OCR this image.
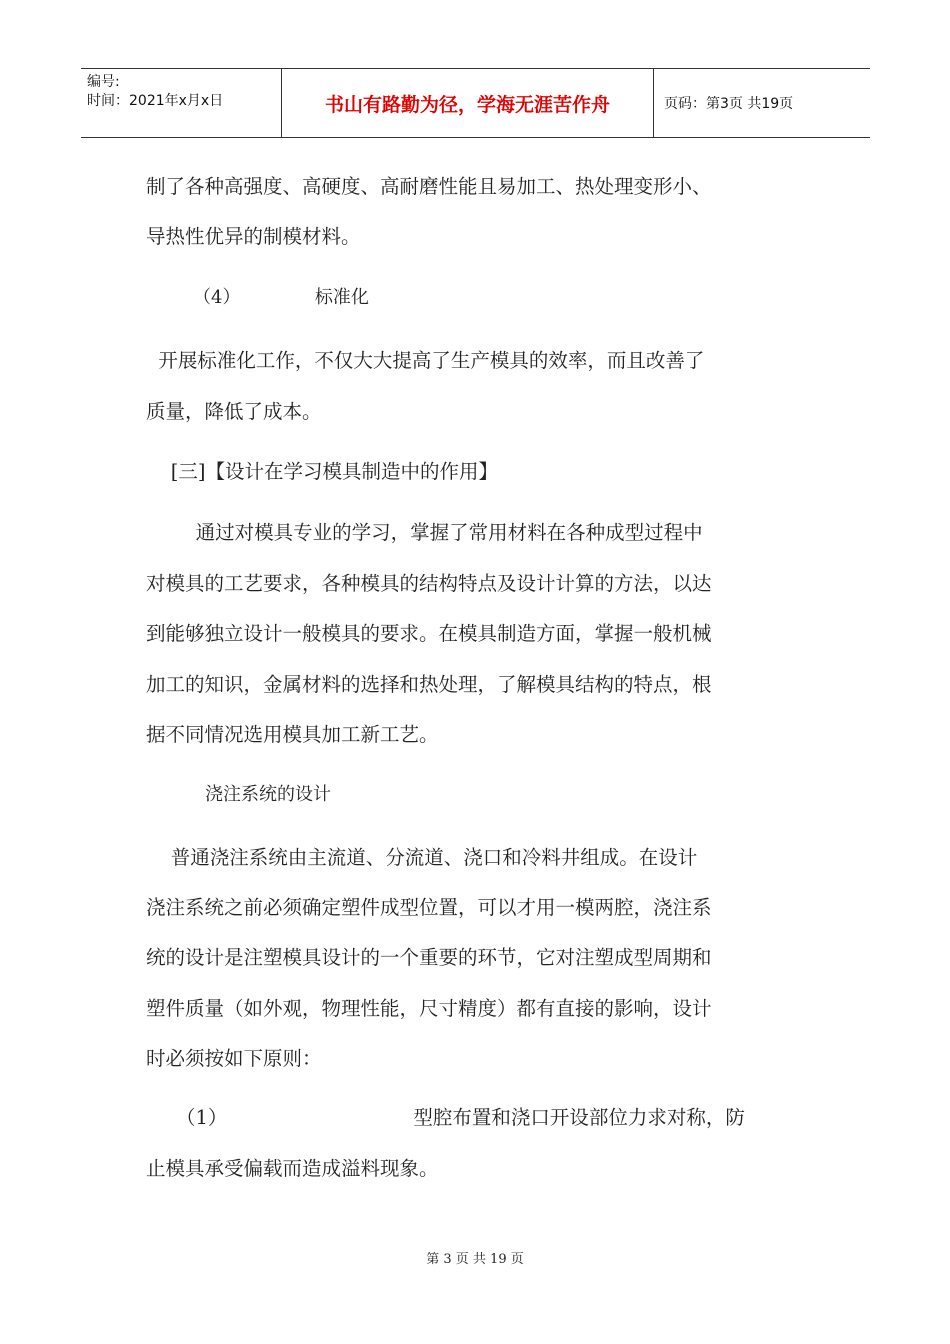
编号:
时间：2021年x月x日	书山有路勤为径，学海无涯苦作舟	页码：第3页 共19页
制了各种高强度、高硬度、高耐磨性能且易加工、热处理变形小、
导热性优异的制模材料。
（4）             标准化
开展标准化工作，不仅大大提高了生产模具的效率，而且改善了
质量，降低了成本。
[三]【设计在学习模具制造中的作用】
通过对模具专业的学习，掌握了常用材料在各种成型过程中
对模具的工艺要求，各种模具的结构特点及设计计算的方法，以达
到能够独立设计一般模具的要求。在模具制造方面，掌握一般机械
加工的知识，金属材料的选择和热处理，了解模具结构的特点，根
据不同情况选用模具加工新工艺。
浇注系统的设计
普通浇注系统由主流道、分流道、浇口和冷料井组成。在设计
浇注系统之前必须确定塑件成型位置，可以才用一模两腔，浇注系
统的设计是注塑模具设计的一个重要的环节，它对注塑成型周期和
塑件质量（如外观，物理性能，尺寸精度）都有直接的影响，设计
时必须按如下原则：
（1）                              型腔布置和浇口开设部位力求对称，防
止模具承受偏载而造成溢料现象。
第 3 页 共 19 页
